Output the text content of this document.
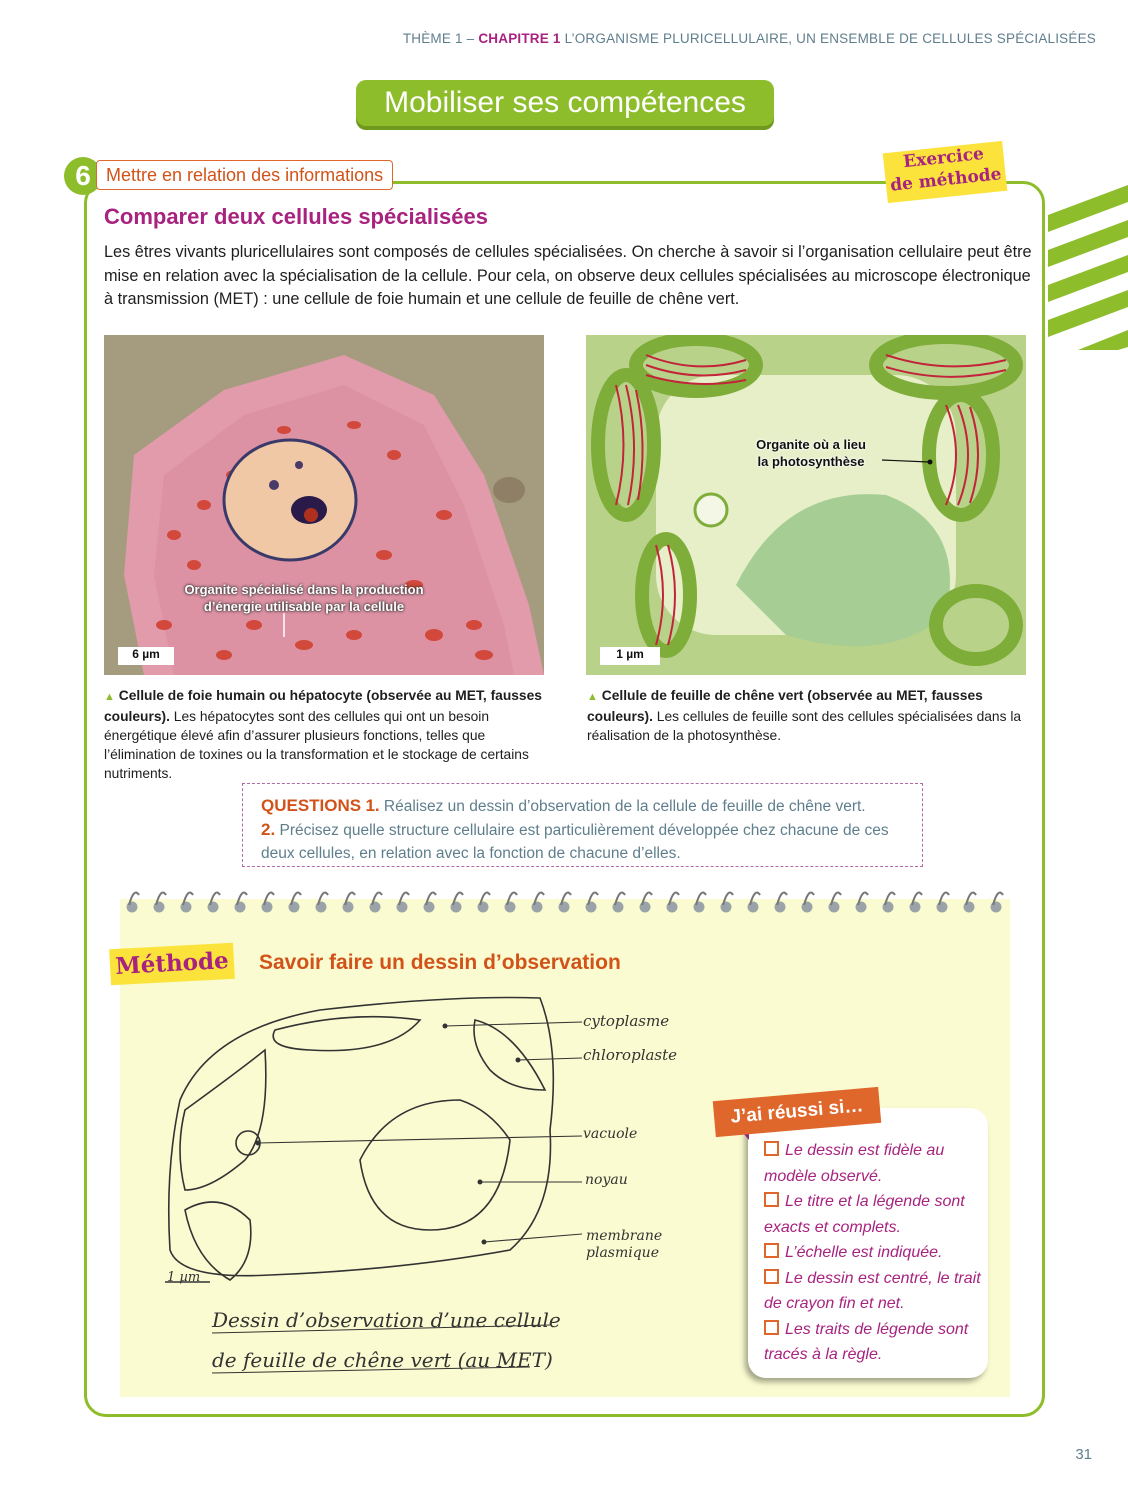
THÈME 1 – CHAPITRE 1 L’ORGANISME PLURICELLULAIRE, UN ENSEMBLE DE CELLULES SPÉCIALISÉES
Mobiliser ses compétences
6 Mettre en relation des informations
Exercice
de méthode
Comparer deux cellules spécialisées
Les êtres vivants pluricellulaires sont composés de cellules spécialisées. On cherche à savoir si l’organisation cellulaire peut être mise en relation avec la spécialisation de la cellule. Pour cela, on observe deux cellules spécialisées au microscope électronique à transmission (MET) : une cellule de foie humain et une cellule de feuille de chêne vert.
Organite spécialisé dans la production
d’énergie utilisable par la cellule
6 µm
Organite où a lieu
la photosynthèse
1 µm
▲ Cellule de foie humain ou hépatocyte (observée au MET, fausses couleurs). Les hépatocytes sont des cellules qui ont un besoin énergétique élevé afin d’assurer plusieurs fonctions, telles que l’élimination de toxines ou la transformation et le stockage de certains nutriments.
▲ Cellule de feuille de chêne vert (observée au MET, fausses couleurs). Les cellules de feuille sont des cellules spécialisées dans la réalisation de la photosynthèse.
QUESTIONS 1. Réalisez un dessin d’observation de la cellule de feuille de chêne vert.
2. Précisez quelle structure cellulaire est particulièrement développée chez chacune de ces deux cellules, en relation avec la fonction de chacune d’elles.
Méthode Savoir faire un dessin d’observation
cytoplasme
chloroplaste
vacuole
noyau
membrane
plasmique
1 µm
Dessin d’observation d’une cellule
de feuille de chêne vert (au MET)
J’ai réussi si…
Le dessin est fidèle au modèle observé.
Le titre et la légende sont exacts et complets.
L’échelle est indiquée.
Le dessin est centré, le trait de crayon fin et net.
Les traits de légende sont tracés à la règle.
31
